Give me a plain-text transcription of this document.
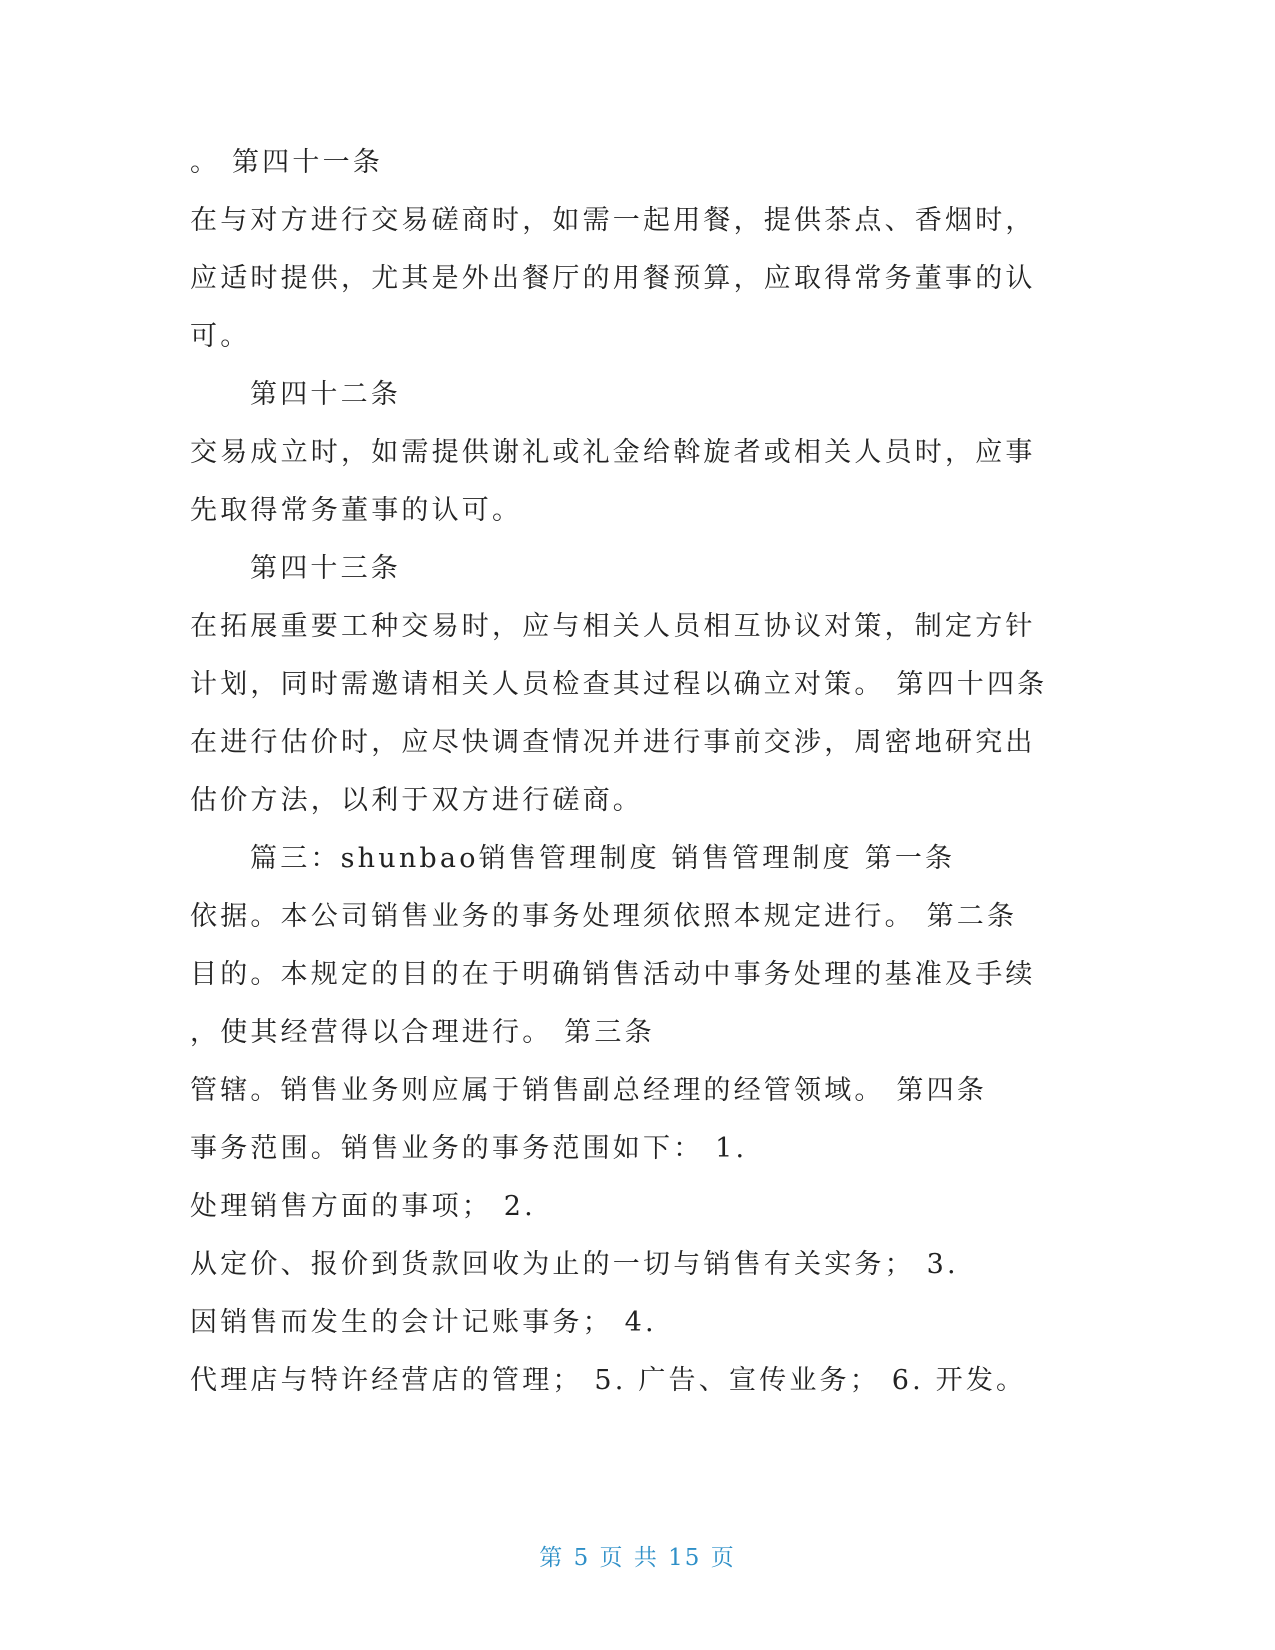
。 第四十一条

在与对方进行交易磋商时，如需一起用餐，提供茶点、香烟时，

应适时提供，尤其是外出餐厅的用餐预算，应取得常务董事的认

可。

第四十二条

交易成立时，如需提供谢礼或礼金给斡旋者或相关人员时，应事

先取得常务董事的认可。

第四十三条

在拓展重要工种交易时，应与相关人员相互协议对策，制定方针

计划，同时需邀请相关人员检查其过程以确立对策。 第四十四条

在进行估价时，应尽快调查情况并进行事前交涉，周密地研究出

估价方法，以利于双方进行磋商。

篇三：shunbao销售管理制度 销售管理制度 第一条

依据。本公司销售业务的事务处理须依照本规定进行。 第二条

目的。本规定的目的在于明确销售活动中事务处理的基准及手续

，使其经营得以合理进行。 第三条

管辖。销售业务则应属于销售副总经理的经管领域。 第四条

事务范围。销售业务的事务范围如下： 1.

处理销售方面的事项； 2.

从定价、报价到货款回收为止的一切与销售有关实务； 3.

因销售而发生的会计记账事务； 4.

代理店与特许经营店的管理； 5. 广告、宣传业务； 6. 开发。

第 5 页 共 15 页
